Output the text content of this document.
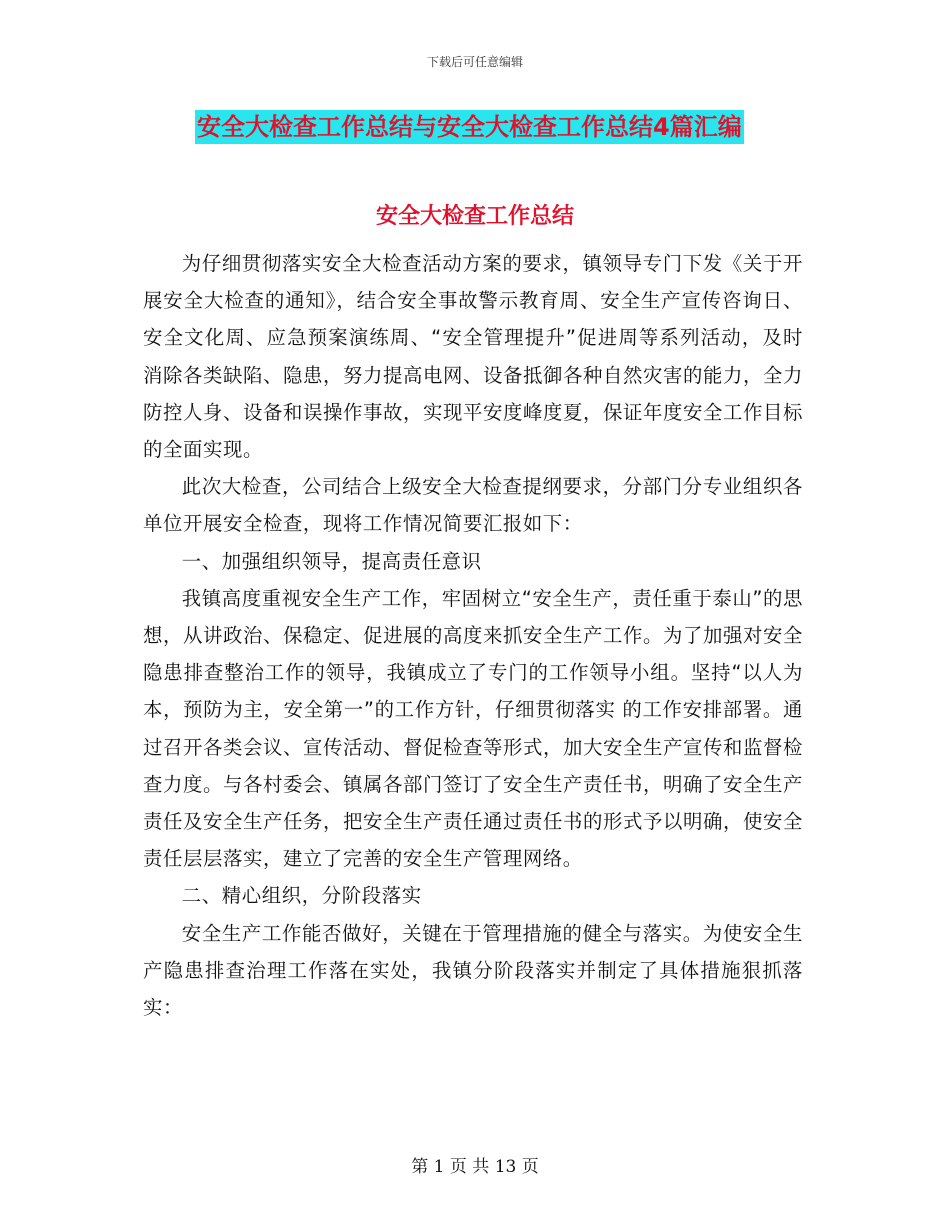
下载后可任意编辑
安全大检查工作总结与安全大检查工作总结4篇汇编
安全大检查工作总结

为仔细贯彻落实安全大检查活动方案的要求，镇领导专门下发《关于开展安全大检查的通知》，结合安全事故警示教育周、安全生产宣传咨询日、安全文化周、应急预案演练周、“安全管理提升”促进周等系列活动，及时消除各类缺陷、隐患，努力提高电网、设备抵御各种自然灾害的能力，全力防控人身、设备和误操作事故，实现平安度峰度夏，保证年度安全工作目标的全面实现。

此次大检查，公司结合上级安全大检查提纲要求，分部门分专业组织各单位开展安全检查，现将工作情况简要汇报如下：

一、加强组织领导，提高责任意识

我镇高度重视安全生产工作，牢固树立“安全生产，责任重于泰山”的思想，从讲政治、保稳定、促进展的高度来抓安全生产工作。为了加强对安全隐患排查整治工作的领导，我镇成立了专门的工作领导小组。坚持“以人为本，预防为主，安全第一”的工作方针，仔细贯彻落实 的工作安排部署。通过召开各类会议、宣传活动、督促检查等形式，加大安全生产宣传和监督检查力度。与各村委会、镇属各部门签订了安全生产责任书，明确了安全生产责任及安全生产任务，把安全生产责任通过责任书的形式予以明确，使安全责任层层落实，建立了完善的安全生产管理网络。

二、精心组织，分阶段落实

安全生产工作能否做好，关键在于管理措施的健全与落实。为使安全生产隐患排查治理工作落在实处，我镇分阶段落实并制定了具体措施狠抓落实：

第 1 页 共 13 页
